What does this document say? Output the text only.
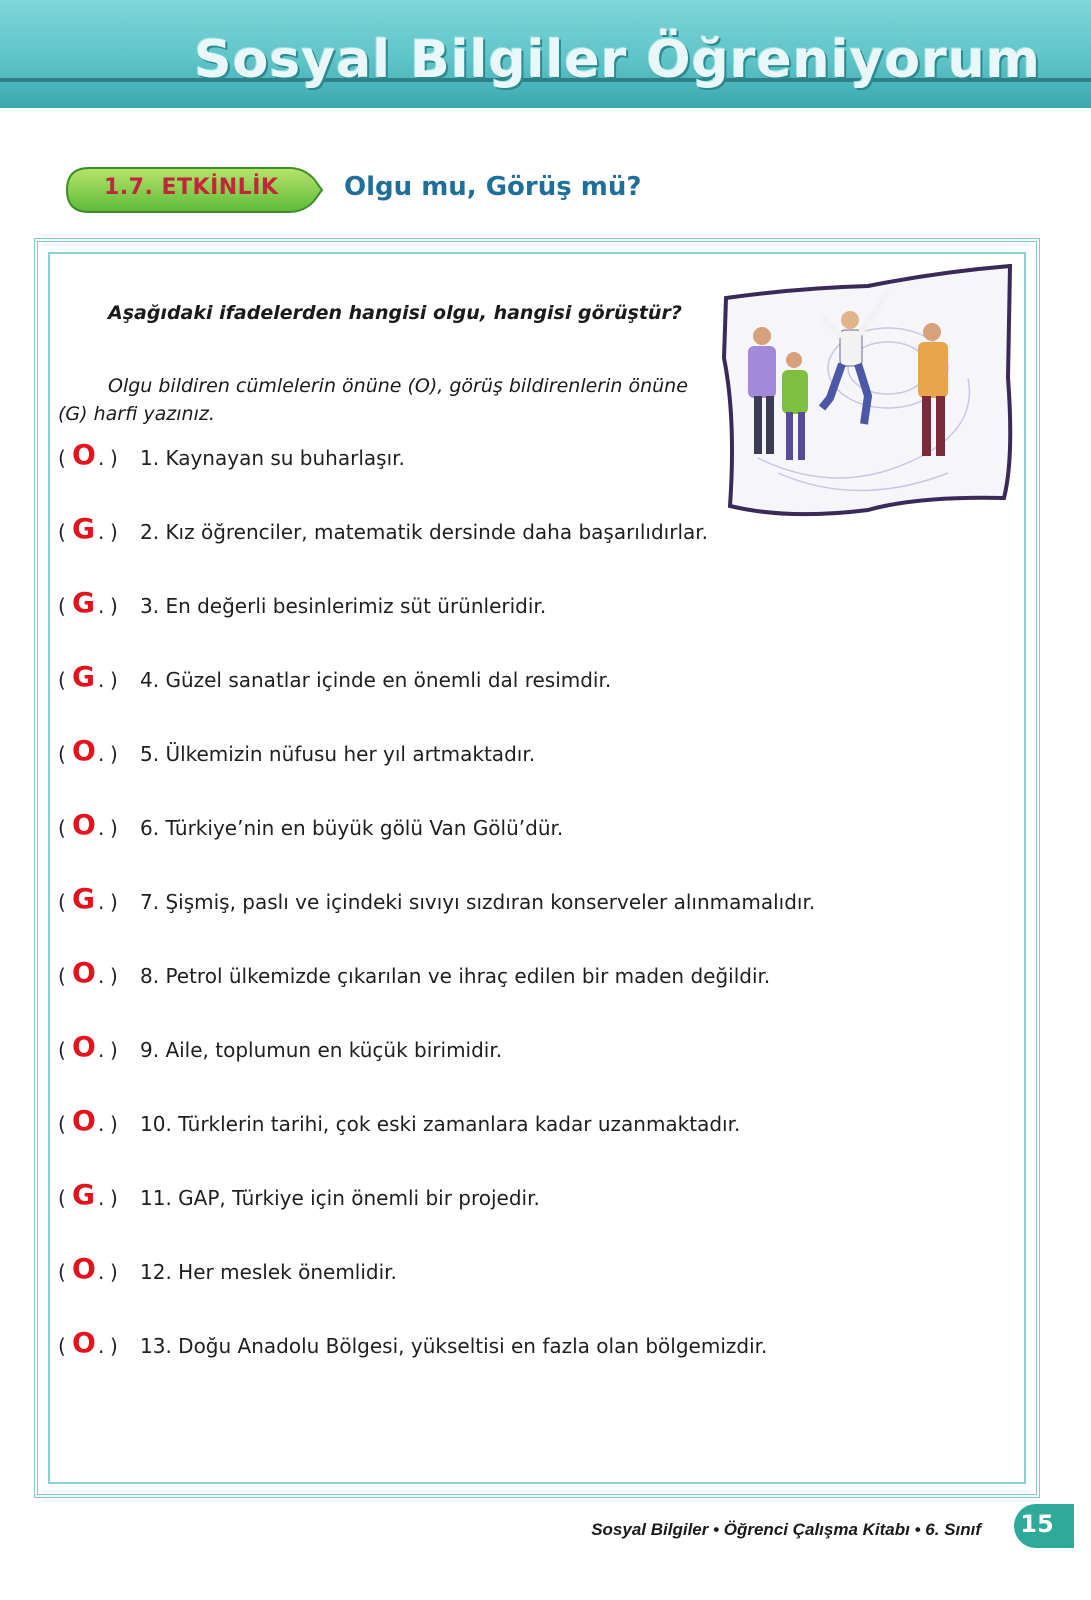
Sosyal Bilgiler Öğreniyorum
1.7. ETKİNLİK	Olgu mu, Görüş mü?
Aşağıdaki ifadelerden hangisi olgu, hangisi görüştür?
Olgu bildiren cümlelerin önüne (O), görüş bildirenlerin önüne (G) harfi yazınız.
( O . ) 1. Kaynayan su buharlaşır.
( G . ) 2. Kız öğrenciler, matematik dersinde daha başarılıdırlar.
( G . ) 3. En değerli besinlerimiz süt ürünleridir.
( G . ) 4. Güzel sanatlar içinde en önemli dal resimdir.
( O . ) 5. Ülkemizin nüfusu her yıl artmaktadır.
( O . ) 6. Türkiye’nin en büyük gölü Van Gölü’dür.
( G . ) 7. Şişmiş, paslı ve içindeki sıvıyı sızdıran konserveler alınmamalıdır.
( O . ) 8. Petrol ülkemizde çıkarılan ve ihraç edilen bir maden değildir.
( O . ) 9. Aile, toplumun en küçük birimidir.
( O . ) 10. Türklerin tarihi, çok eski zamanlara kadar uzanmaktadır.
( G . ) 11. GAP, Türkiye için önemli bir projedir.
( O . ) 12. Her meslek önemlidir.
( O . ) 13. Doğu Anadolu Bölgesi, yükseltisi en fazla olan bölgemizdir.
Sosyal Bilgiler • Öğrenci Çalışma Kitabı • 6. Sınıf 15
